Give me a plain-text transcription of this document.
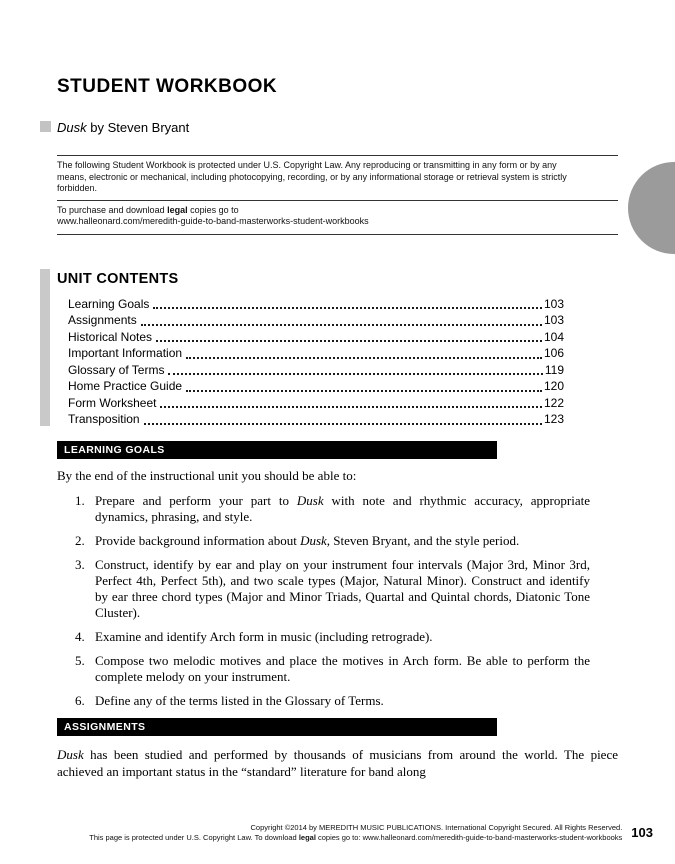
STUDENT WORKBOOK
Dusk by Steven Bryant
The following Student Workbook is protected under U.S. Copyright Law. Any reproducing or transmitting in any form or by any means, electronic or mechanical, including photocopying, recording, or by any informational storage or retrieval system is strictly forbidden.
To purchase and download legal copies go to
www.halleonard.com/meredith-guide-to-band-masterworks-student-workbooks
UNIT CONTENTS
Learning Goals	103
Assignments	103
Historical Notes	104
Important Information	106
Glossary of Terms	119
Home Practice Guide	120
Form Worksheet	122
Transposition	123
LEARNING GOALS
By the end of the instructional unit you should be able to:
1. Prepare and perform your part to Dusk with note and rhythmic accuracy, appropriate dynamics, phrasing, and style.
2. Provide background information about Dusk, Steven Bryant, and the style period.
3. Construct, identify by ear and play on your instrument four intervals (Major 3rd, Minor 3rd, Perfect 4th, Perfect 5th), and two scale types (Major, Natural Minor). Construct and identify by ear three chord types (Major and Minor Triads, Quartal and Quintal chords, Diatonic Tone Cluster).
4. Examine and identify Arch form in music (including retrograde).
5. Compose two melodic motives and place the motives in Arch form. Be able to perform the complete melody on your instrument.
6. Define any of the terms listed in the Glossary of Terms.
ASSIGNMENTS
Dusk has been studied and performed by thousands of musicians from around the world. The piece achieved an important status in the “standard” literature for band along
Copyright ©2014 by MEREDITH MUSIC PUBLICATIONS. International Copyright Secured. All Rights Reserved.
This page is protected under U.S. Copyright Law. To download legal copies go to: www.halleonard.com/meredith-guide-to-band-masterworks-student-workbooks 103
